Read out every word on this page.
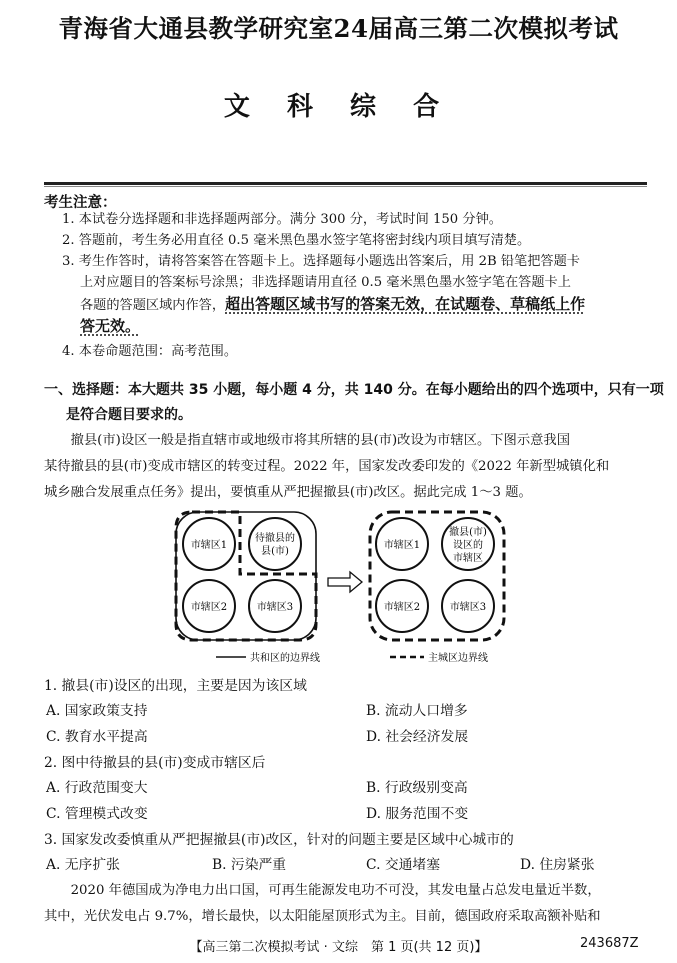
青海省大通县教学研究室24届高三第二次模拟考试
文 科 综 合
考生注意：
1. 本试卷分选择题和非选择题两部分。满分 300 分，考试时间 150 分钟。
2. 答题前，考生务必用直径 0.5 毫米黑色墨水签字笔将密封线内项目填写清楚。
3. 考生作答时，请将答案答在答题卡上。选择题每小题选出答案后，用 2B 铅笔把答题卡
上对应题目的答案标号涂黑；非选择题请用直径 0.5 毫米黑色墨水签字笔在答题卡上
各题的答题区域内作答，超出答题区域书写的答案无效，在试题卷、草稿纸上作
答无效。
4. 本卷命题范围：高考范围。
一、选择题：本大题共 35 小题，每小题 4 分，共 140 分。在每小题给出的四个选项中，只有一项
是符合题目要求的。
撤县(市)设区一般是指直辖市或地级市将其所辖的县(市)改设为市辖区。下图示意我国
某待撤县的县(市)变成市辖区的转变过程。2022 年，国家发改委印发的《2022 年新型城镇化和
城乡融合发展重点任务》提出，要慎重从严把握撤县(市)改区。据此完成 1～3 题。
市辖区1
待撤县的
县(市)
市辖区2	市辖区3
市辖区1
撤县(市)
设区的
市辖区
市辖区2	市辖区3
共和区的边界线	主城区边界线
1. 撤县(市)设区的出现，主要是因为该区域
A. 国家政策支持	B. 流动人口增多
C. 教育水平提高	D. 社会经济发展
2. 图中待撤县的县(市)变成市辖区后
A. 行政范围变大	B. 行政级别变高
C. 管理模式改变	D. 服务范围不变
3. 国家发改委慎重从严把握撤县(市)改区，针对的问题主要是区域中心城市的
A. 无序扩张	B. 污染严重	C. 交通堵塞	D. 住房紧张
2020 年德国成为净电力出口国，可再生能源发电功不可没，其发电量占总发电量近半数，
其中，光伏发电占 9.7%，增长最快，以太阳能屋顶形式为主。目前，德国政府采取高额补贴和
【高三第二次模拟考试 · 文综　第 1 页(共 12 页)】	243687Z
